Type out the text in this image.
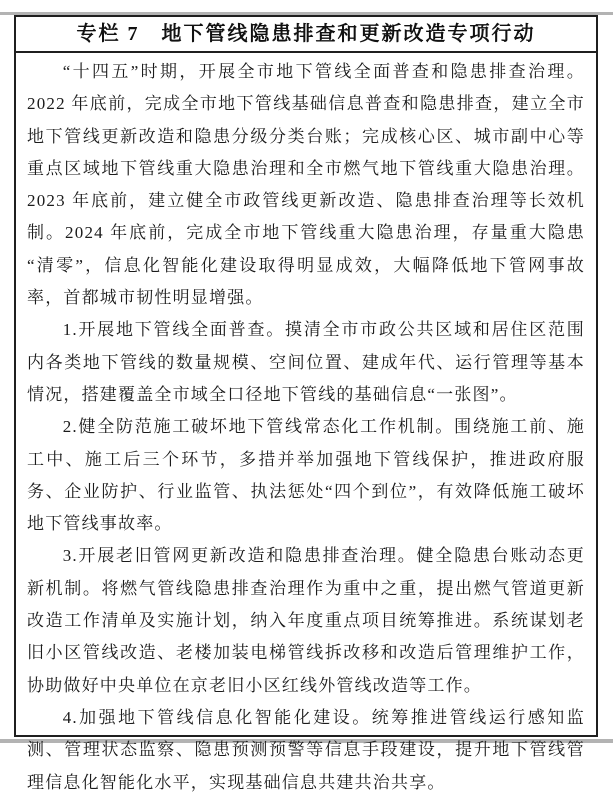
专栏 7　地下管线隐患排查和更新改造专项行动

“十四五”时期，开展全市地下管线全面普查和隐患排查治理。2022 年底前，完成全市地下管线基础信息普查和隐患排查，建立全市地下管线更新改造和隐患分级分类台账；完成核心区、城市副中心等重点区域地下管线重大隐患治理和全市燃气地下管线重大隐患治理。2023 年底前，建立健全市政管线更新改造、隐患排查治理等长效机制。2024 年底前，完成全市地下管线重大隐患治理，存量重大隐患“清零”，信息化智能化建设取得明显成效，大幅降低地下管网事故率，首都城市韧性明显增强。

1.开展地下管线全面普查。摸清全市市政公共区域和居住区范围内各类地下管线的数量规模、空间位置、建成年代、运行管理等基本情况，搭建覆盖全市域全口径地下管线的基础信息“一张图”。

2.健全防范施工破坏地下管线常态化工作机制。围绕施工前、施工中、施工后三个环节，多措并举加强地下管线保护，推进政府服务、企业防护、行业监管、执法惩处“四个到位”，有效降低施工破坏地下管线事故率。

3.开展老旧管网更新改造和隐患排查治理。健全隐患台账动态更新机制。将燃气管线隐患排查治理作为重中之重，提出燃气管道更新改造工作清单及实施计划，纳入年度重点项目统筹推进。系统谋划老旧小区管线改造、老楼加装电梯管线拆改移和改造后管理维护工作，协助做好中央单位在京老旧小区红线外管线改造等工作。

4.加强地下管线信息化智能化建设。统筹推进管线运行感知监测、管理状态监察、隐患预测预警等信息手段建设，提升地下管线管理信息化智能化水平，实现基础信息共建共治共享。
